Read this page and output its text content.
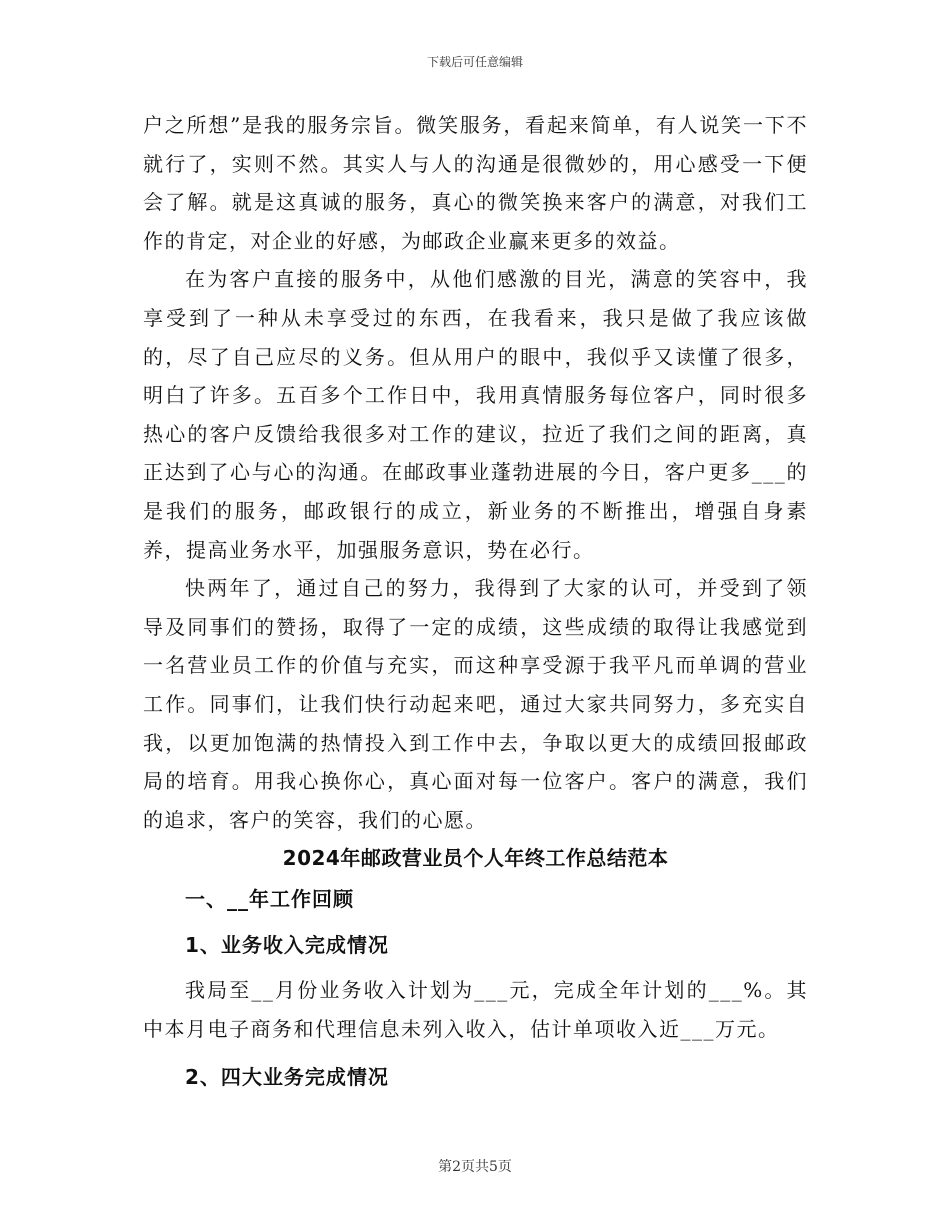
下载后可任意编辑

户之所想”是我的服务宗旨。微笑服务，看起来简单，有人说笑一下不就行了，实则不然。其实人与人的沟通是很微妙的，用心感受一下便会了解。就是这真诚的服务，真心的微笑换来客户的满意，对我们工作的肯定，对企业的好感，为邮政企业赢来更多的效益。

在为客户直接的服务中，从他们感激的目光，满意的笑容中，我享受到了一种从未享受过的东西，在我看来，我只是做了我应该做的，尽了自己应尽的义务。但从用户的眼中，我似乎又读懂了很多，明白了许多。五百多个工作日中，我用真情服务每位客户，同时很多热心的客户反馈给我很多对工作的建议，拉近了我们之间的距离，真正达到了心与心的沟通。在邮政事业蓬勃进展的今日，客户更多___的是我们的服务，邮政银行的成立，新业务的不断推出，增强自身素养，提高业务水平，加强服务意识，势在必行。

快两年了，通过自己的努力，我得到了大家的认可，并受到了领导及同事们的赞扬，取得了一定的成绩，这些成绩的取得让我感觉到一名营业员工作的价值与充实，而这种享受源于我平凡而单调的营业工作。同事们，让我们快行动起来吧，通过大家共同努力，多充实自我，以更加饱满的热情投入到工作中去，争取以更大的成绩回报邮政局的培育。用我心换你心，真心面对每一位客户。客户的满意，我们的追求，客户的笑容，我们的心愿。

2024年邮政营业员个人年终工作总结范本

一、__年工作回顾

1、业务收入完成情况

我局至__月份业务收入计划为___元，完成全年计划的___%。其中本月电子商务和代理信息未列入收入，估计单项收入近___万元。

2、四大业务完成情况

第2页共5页
